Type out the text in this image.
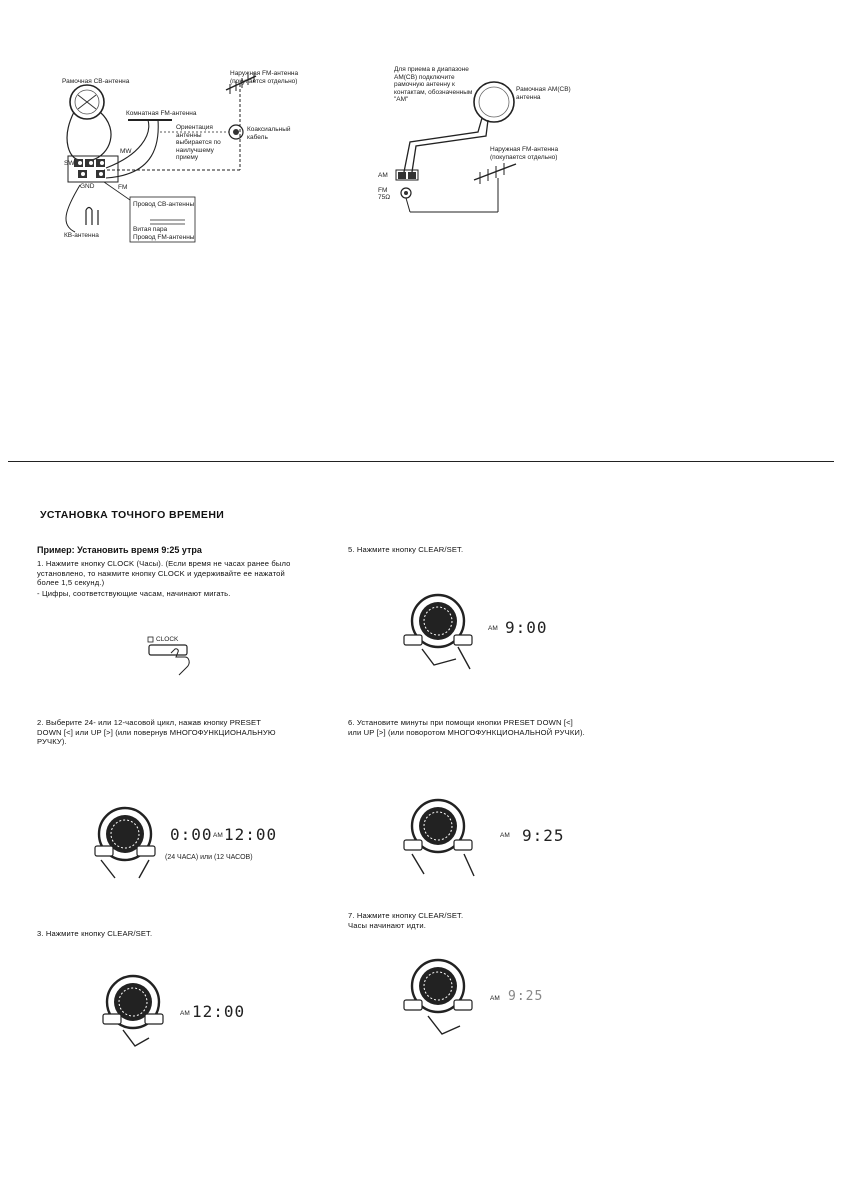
Рамочная СВ-антенна
Комнатная FM-антенна
Наружная FM-антенна (покупается отдельно)
Ориентация антенны выбирается по наилучшему приему
Коаксиальный кабель
MW
SW
GND	FM
Провод СВ-антенны
Витая пара
Провод FM-антенны
КВ-антенна
Для приема в диапазоне AM(CB) подключите рамочную антенну к контактам, обозначенным "AM"
Рамочная AM(CB) антенна
Наружная FM-антенна (покупается отдельно)
AM
FM
75Ω
УСТАНОВКА ТОЧНОГО ВРЕМЕНИ
Пример: Установить время 9:25 утра
1. Нажмите кнопку CLOCK (Часы). (Если время не часах ранее было установлено, то нажмите кнопку CLOCK и удерживайте ее нажатой более 1,5 секунд.)
- Цифры, соответствующие часам, начинают мигать.
CLOCK
2. Выберите 24- или 12-часовой цикл, нажав кнопку PRESET DOWN [<] или UP [>] (или повернув МНОГОФУНКЦИОНАЛЬНУЮ РУЧКУ).
0:00 AM 12:00
(24 ЧАСА) или (12 ЧАСОВ)
3. Нажмите кнопку CLEAR/SET.
AM 12:00
5. Нажмите кнопку CLEAR/SET.
AM 9:00
6. Установите минуты при помощи кнопки PRESET DOWN [<] или UP [>] (или поворотом МНОГОФУНКЦИОНАЛЬНОЙ РУЧКИ).
AM 9:25
7. Нажмите кнопку CLEAR/SET.
Часы начинают идти.
AM 9:25
